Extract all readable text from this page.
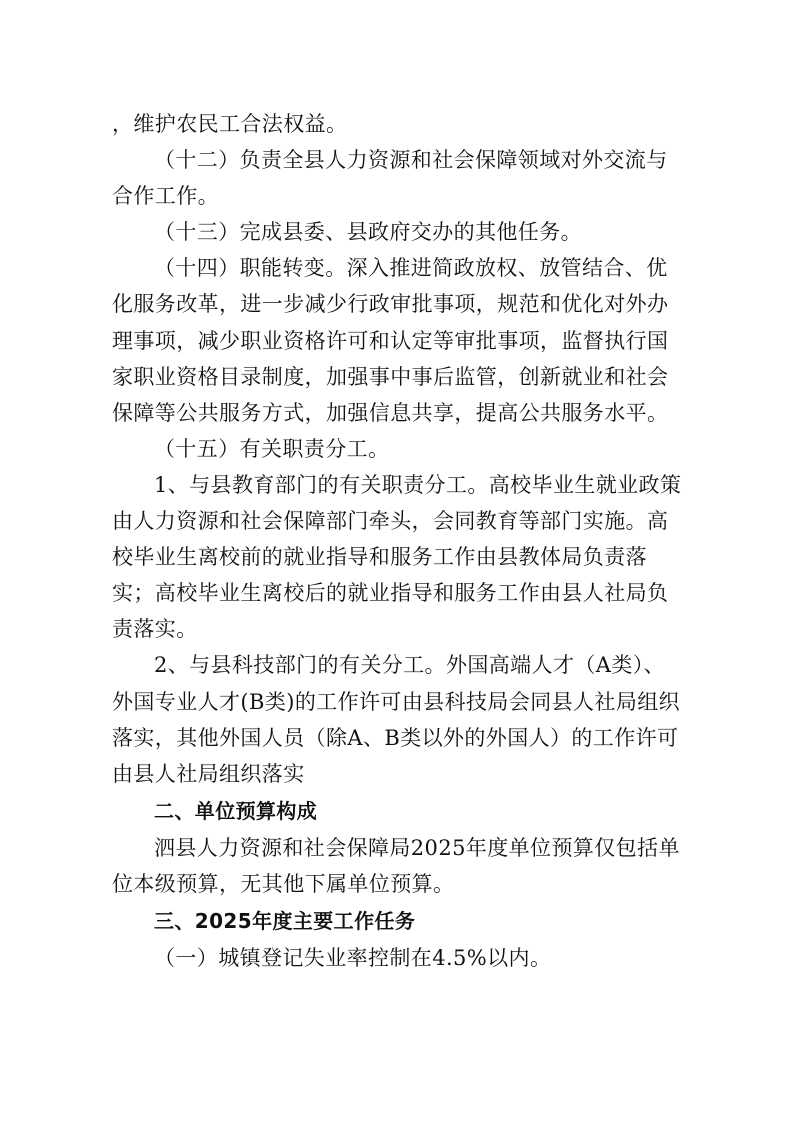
，维护农民工合法权益。

（十二）负责全县人力资源和社会保障领域对外交流与合作工作。

（十三）完成县委、县政府交办的其他任务。

（十四）职能转变。深入推进简政放权、放管结合、优化服务改革，进一步减少行政审批事项，规范和优化对外办理事项，减少职业资格许可和认定等审批事项，监督执行国家职业资格目录制度，加强事中事后监管，创新就业和社会保障等公共服务方式，加强信息共享，提高公共服务水平。

（十五）有关职责分工。

1、与县教育部门的有关职责分工。高校毕业生就业政策由人力资源和社会保障部门牵头，会同教育等部门实施。高校毕业生离校前的就业指导和服务工作由县教体局负责落实；高校毕业生离校后的就业指导和服务工作由县人社局负责落实。

2、与县科技部门的有关分工。外国高端人才（A类）、外国专业人才(B类)的工作许可由县科技局会同县人社局组织落实，其他外国人员（除A、B类以外的外国人）的工作许可由县人社局组织落实

二、单位预算构成

泗县人力资源和社会保障局2025年度单位预算仅包括单位本级预算，无其他下属单位预算。

三、2025年度主要工作任务

（一）城镇登记失业率控制在4.5%以内。
